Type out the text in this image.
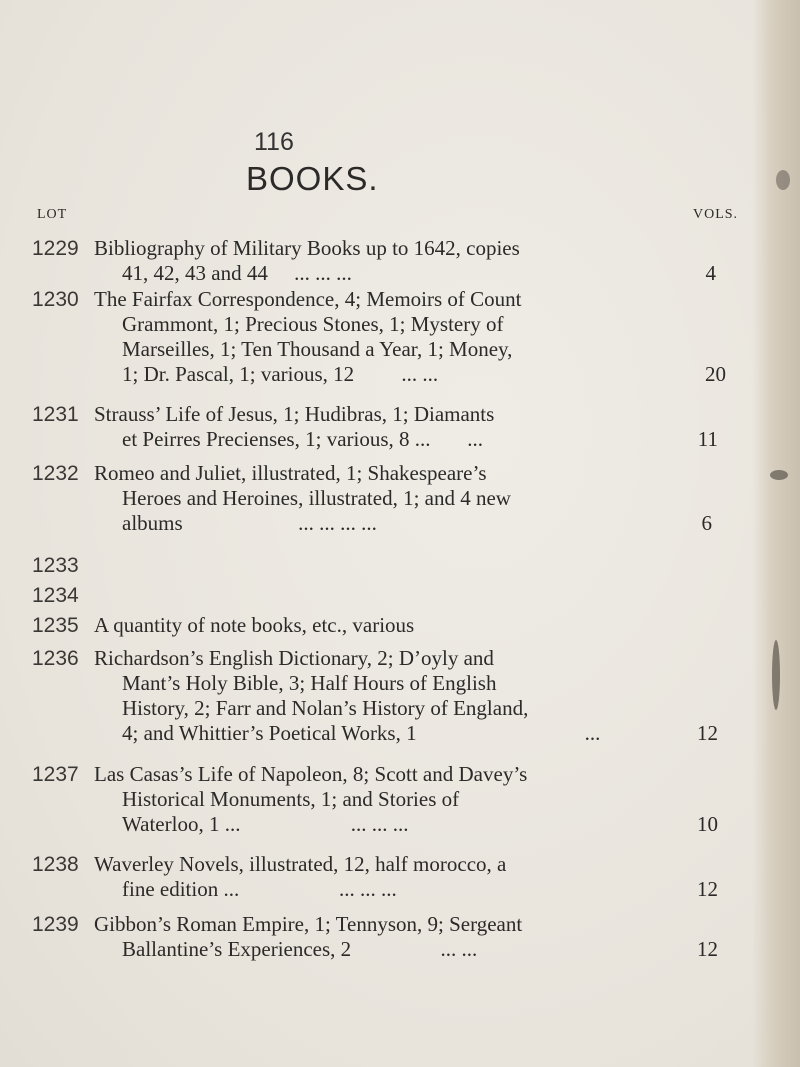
116
BOOKS.
LOT	VOLS.
1229 Bibliography of Military Books up to 1642, copies
41, 42, 43 and 44 ... ... ...	4
1230 The Fairfax Correspondence, 4; Memoirs of Count
Grammont, 1; Precious Stones, 1; Mystery of
Marseilles, 1; Ten Thousand a Year, 1; Money,
1; Dr. Pascal, 1; various, 12 ... ...	20
1231 Strauss’ Life of Jesus, 1; Hudibras, 1; Diamants
et Peirres Precienses, 1; various, 8 ... ...	11
1232 Romeo and Juliet, illustrated, 1; Shakespeare’s
Heroes and Heroines, illustrated, 1; and 4 new
albums	... ... ... ...	6
1233
1234
1235 A quantity of note books, etc., various
1236 Richardson’s English Dictionary, 2; D’oyly and
Mant’s Holy Bible, 3; Half Hours of English
History, 2; Farr and Nolan’s History of England,
4; and Whittier’s Poetical Works, 1	...	12
1237 Las Casas’s Life of Napoleon, 8; Scott and Davey’s
Historical Monuments, 1; and Stories of
Waterloo, 1 ...	... ... ...	10
1238 Waverley Novels, illustrated, 12, half morocco, a
fine edition ...	... ... ...	12
1239 Gibbon’s Roman Empire, 1; Tennyson, 9; Sergeant
Ballantine’s Experiences, 2	... ...	12
